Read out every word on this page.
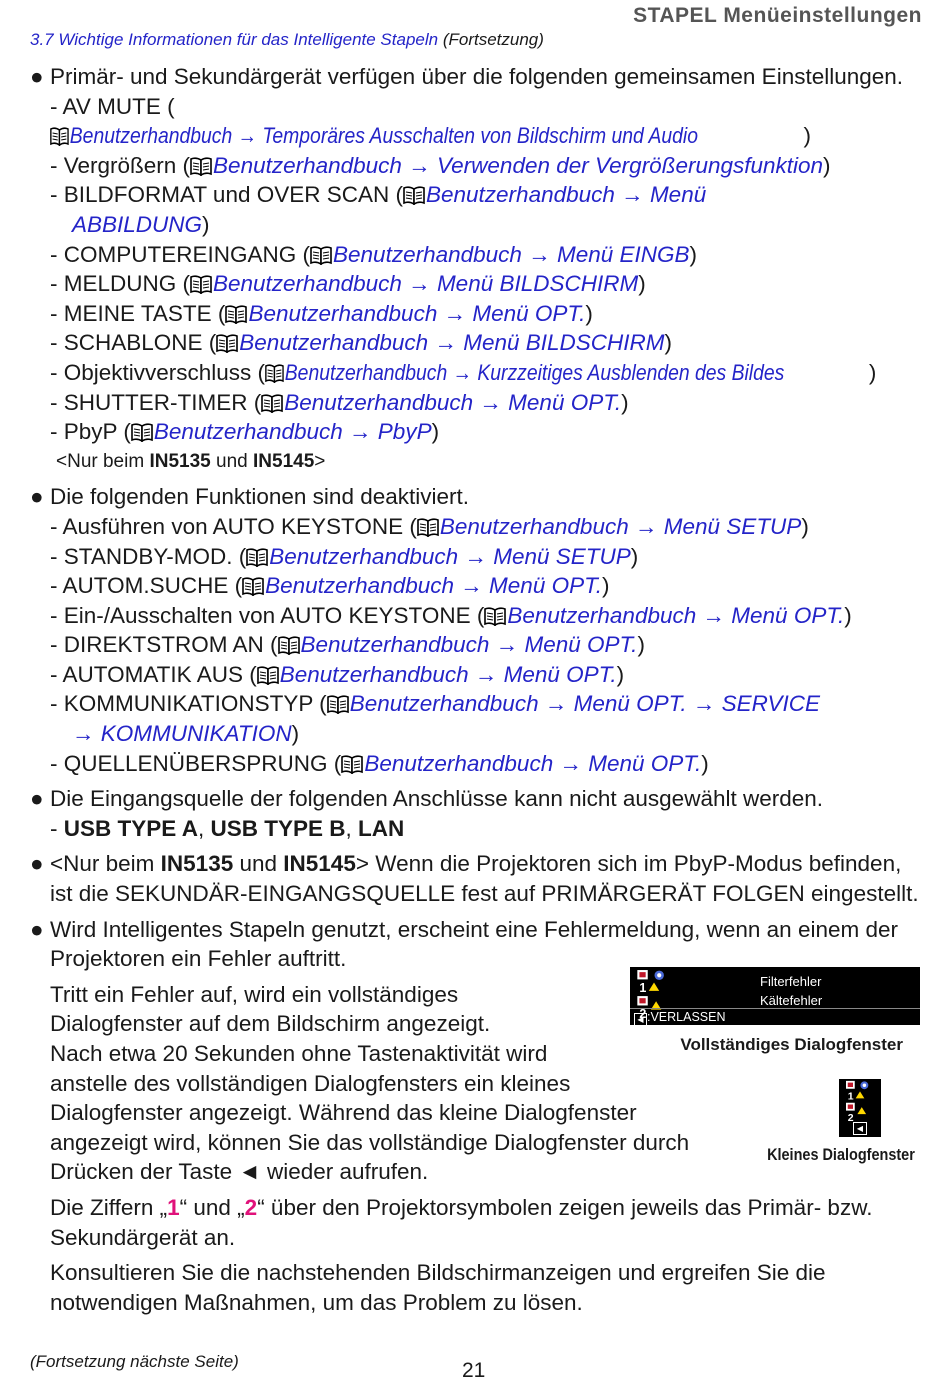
STAPEL Menüeinstellungen
3.7 Wichtige Informationen für das Intelligente Stapeln (Fortsetzung)
● Primär- und Sekundärgerät verfügen über die folgenden gemeinsamen Einstellungen.
- AV MUTE (Benutzerhandbuch → Temporäres Ausschalten von Bildschirm und Audio	)
- Vergrößern ( Benutzerhandbuch → Verwenden der Vergrößerungsfunktion)
- BILDFORMAT und OVER SCAN ( Benutzerhandbuch → Menü
ABBILDUNG)
- COMPUTEREINGANG ( Benutzerhandbuch → Menü EINGB)
- MELDUNG ( Benutzerhandbuch → Menü BILDSCHIRM)
- MEINE TASTE ( Benutzerhandbuch → Menü OPT.)
- SCHABLONE ( Benutzerhandbuch → Menü BILDSCHIRM)
- Objektivverschluss ( Benutzerhandbuch → Kurzzeitiges Ausblenden des Bildes	)
- SHUTTER-TIMER ( Benutzerhandbuch → Menü OPT.)
- PbyP ( Benutzerhandbuch → PbyP)
<Nur beim IN5135 und IN5145>
● Die folgenden Funktionen sind deaktiviert.
- Ausführen von AUTO KEYSTONE ( Benutzerhandbuch → Menü SETUP)
- STANDBY-MOD. ( Benutzerhandbuch → Menü SETUP)
- AUTOM.SUCHE ( Benutzerhandbuch → Menü OPT.)
- Ein-/Ausschalten von AUTO KEYSTONE ( Benutzerhandbuch → Menü OPT.)
- DIREKTSTROM AN ( Benutzerhandbuch → Menü OPT.)
- AUTOMATIK AUS ( Benutzerhandbuch → Menü OPT.)
- KOMMUNIKATIONSTYP ( Benutzerhandbuch → Menü OPT. → SERVICE
→ KOMMUNIKATION)
- QUELLENÜBERSPRUNG ( Benutzerhandbuch → Menü OPT.)
● Die Eingangsquelle der folgenden Anschlüsse kann nicht ausgewählt werden.
- USB TYPE A, USB TYPE B, LAN
● <Nur beim IN5135 und IN5145> Wenn die Projektoren sich im PbyP-Modus befinden, ist die SEKUNDÄR-EINGANGSQUELLE fest auf PRIMÄRGERÄT FOLGEN eingestellt.
● Wird Intelligentes Stapeln genutzt, erscheint eine Fehlermeldung, wenn an einem der Projektoren ein Fehler auftritt.
Tritt ein Fehler auf, wird ein vollständiges
Dialogfenster auf dem Bildschirm angezeigt.
Nach etwa 20 Sekunden ohne Tastenaktivität wird
anstelle des vollständigen Dialogfensters ein kleines
Dialogfenster angezeigt. Während das kleine Dialogfenster
angezeigt wird, können Sie das vollständige Dialogfenster durch
Drücken der Taste ◄ wieder aufrufen.
Filterfehler
Kältefehler
◀ :VERLASSEN
Vollständiges Dialogfenster
◀
Kleines Dialogfenster
Die Ziffern „1“ und „2“ über den Projektorsymbolen zeigen jeweils das Primär- bzw. Sekundärgerät an.
Konsultieren Sie die nachstehenden Bildschirmanzeigen und ergreifen Sie die notwendigen Maßnahmen, um das Problem zu lösen.
(Fortsetzung nächste Seite)	21
